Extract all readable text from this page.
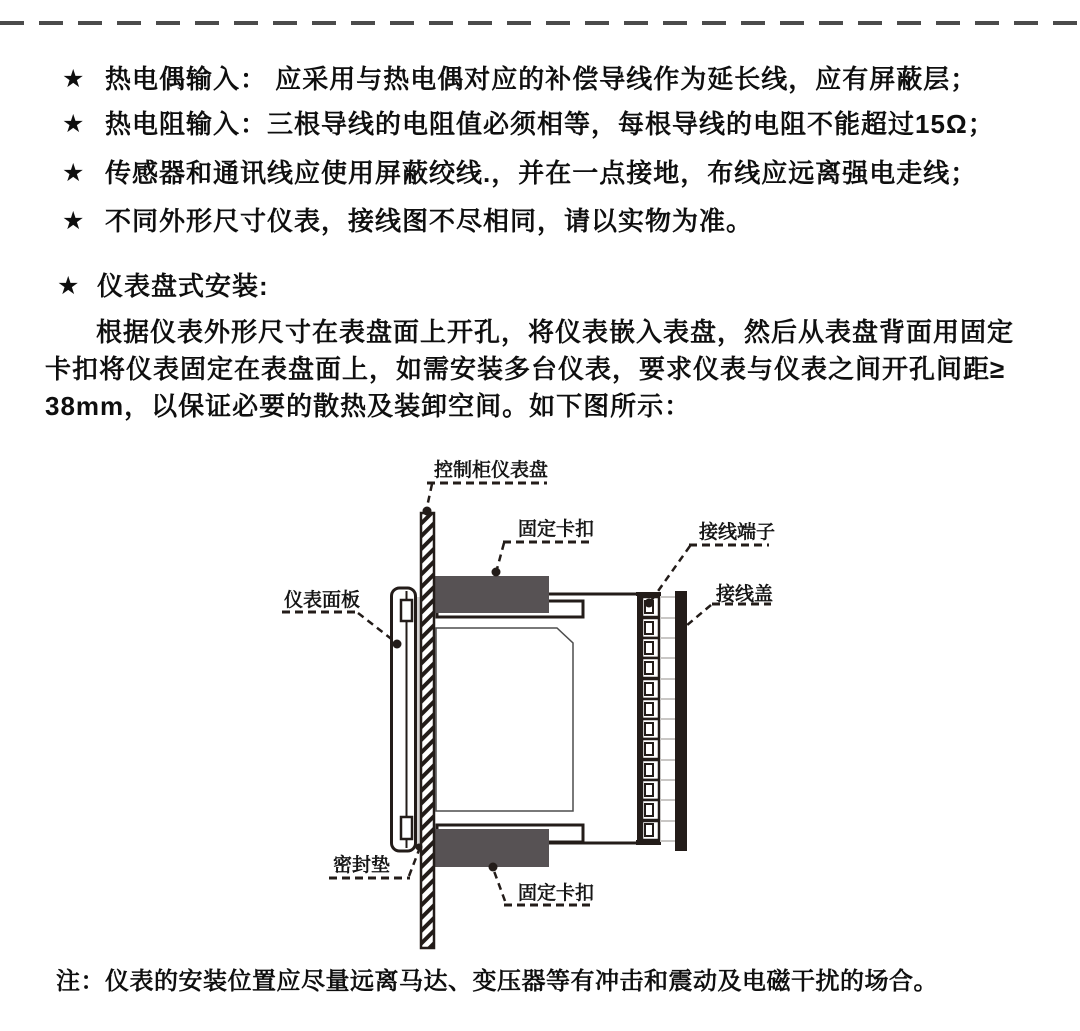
★ 热电偶输入： 应采用与热电偶对应的补偿导线作为延长线，应有屏蔽层；
★ 热电阻输入：三根导线的电阻值必须相等，每根导线的电阻不能超过15Ω；
★ 传感器和通讯线应使用屏蔽绞线.，并在一点接地，布线应远离强电走线；
★ 不同外形尺寸仪表，接线图不尽相同，请以实物为准。
★ 仪表盘式安装:
根据仪表外形尺寸在表盘面上开孔，将仪表嵌入表盘，然后从表盘背面用固定
卡扣将仪表固定在表盘面上，如需安装多台仪表，要求仪表与仪表之间开孔间距≥
38mm，以保证必要的散热及装卸空间。如下图所示：
控制柜仪表盘
固定卡扣	接线端子
接线盖
仪表面板
密封垫
固定卡扣
注：仪表的安装位置应尽量远离马达、变压器等有冲击和震动及电磁干扰的场合。
